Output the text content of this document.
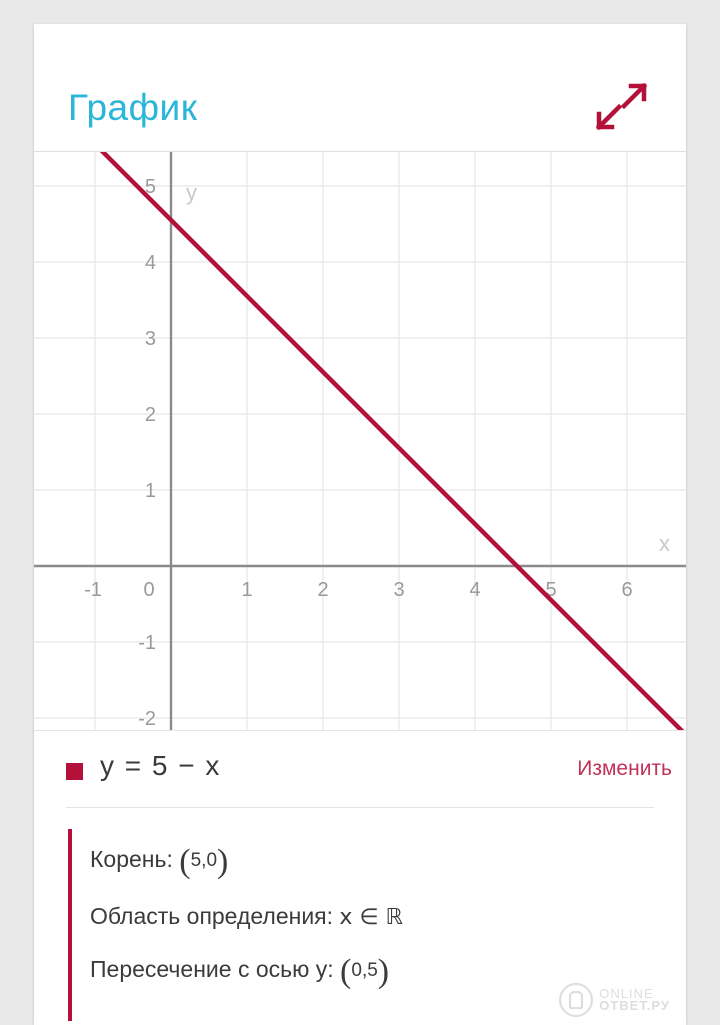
График
x
y
-1 0	1	2	3	4	5	6
5
4
3
2
1
-1
-2
y = 5 − x	Изменить
Корень: (5,0)
Область определения: x ∈ ℝ
Пересечение с осью y: (0,5)
ONLINE
ОТВЕТ.РУ
